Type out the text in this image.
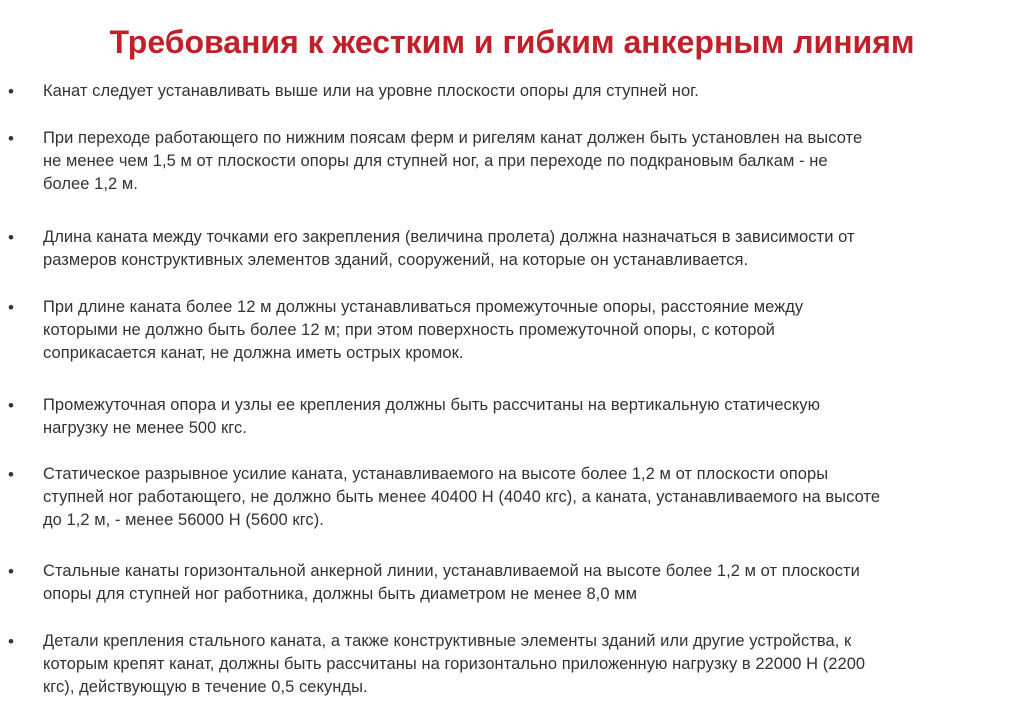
Требования к жестким и гибким анкерным линиям
• Канат следует устанавливать выше или на уровне плоскости опоры для ступней ног.
• При переходе работающего по нижним поясам ферм и ригелям канат должен быть установлен на высоте
не менее чем 1,5 м от плоскости опоры для ступней ног, а при переходе по подкрановым балкам - не
более 1,2 м.
• Длина каната между точками его закрепления (величина пролета) должна назначаться в зависимости от
размеров конструктивных элементов зданий, сооружений, на которые он устанавливается.
• При длине каната более 12 м должны устанавливаться промежуточные опоры, расстояние между
которыми не должно быть более 12 м; при этом поверхность промежуточной опоры, с которой
соприкасается канат, не должна иметь острых кромок.
• Промежуточная опора и узлы ее крепления должны быть рассчитаны на вертикальную статическую
нагрузку не менее 500 кгс.
• Статическое разрывное усилие каната, устанавливаемого на высоте более 1,2 м от плоскости опоры
ступней ног работающего, не должно быть менее 40400 Н (4040 кгс), а каната, устанавливаемого на высоте
до 1,2 м, - менее 56000 Н (5600 кгс).
• Стальные канаты горизонтальной анкерной линии, устанавливаемой на высоте более 1,2 м от плоскости
опоры для ступней ног работника, должны быть диаметром не менее 8,0 мм
• Детали крепления стального каната, а также конструктивные элементы зданий или другие устройства, к
которым крепят канат, должны быть рассчитаны на горизонтально приложенную нагрузку в 22000 Н (2200
кгс), действующую в течение 0,5 секунды.
